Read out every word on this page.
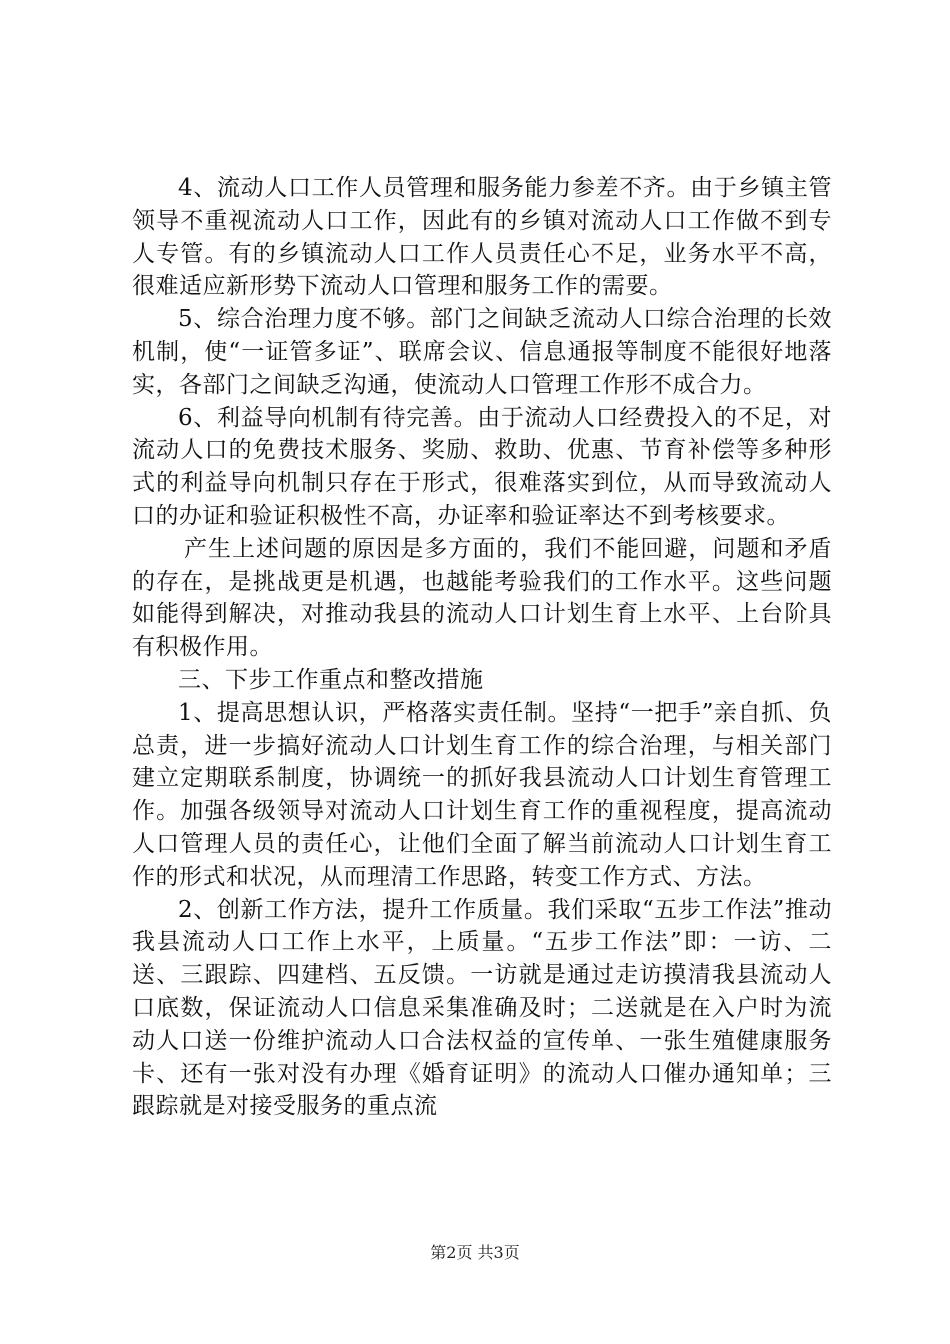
4、流动人口工作人员管理和服务能力参差不齐。由于乡镇主管领导不重视流动人口工作，因此有的乡镇对流动人口工作做不到专人专管。有的乡镇流动人口工作人员责任心不足，业务水平不高，很难适应新形势下流动人口管理和服务工作的需要。

5、综合治理力度不够。部门之间缺乏流动人口综合治理的长效机制，使“一证管多证”、联席会议、信息通报等制度不能很好地落实，各部门之间缺乏沟通，使流动人口管理工作形不成合力。

6、利益导向机制有待完善。由于流动人口经费投入的不足，对流动人口的免费技术服务、奖励、救助、优惠、节育补偿等多种形式的利益导向机制只存在于形式，很难落实到位，从而导致流动人口的办证和验证积极性不高，办证率和验证率达不到考核要求。

产生上述问题的原因是多方面的，我们不能回避，问题和矛盾的存在，是挑战更是机遇，也越能考验我们的工作水平。这些问题如能得到解决，对推动我县的流动人口计划生育上水平、上台阶具有积极作用。

三、下步工作重点和整改措施

1、提高思想认识，严格落实责任制。坚持“一把手”亲自抓、负总责，进一步搞好流动人口计划生育工作的综合治理，与相关部门建立定期联系制度，协调统一的抓好我县流动人口计划生育管理工作。加强各级领导对流动人口计划生育工作的重视程度，提高流动人口管理人员的责任心，让他们全面了解当前流动人口计划生育工作的形式和状况，从而理清工作思路，转变工作方式、方法。

2、创新工作方法，提升工作质量。我们采取“五步工作法”推动我县流动人口工作上水平，上质量。“五步工作法”即：一访、二送、三跟踪、四建档、五反馈。一访就是通过走访摸清我县流动人口底数，保证流动人口信息采集准确及时；二送就是在入户时为流动人口送一份维护流动人口合法权益的宣传单、一张生殖健康服务卡、还有一张对没有办理《婚育证明》的流动人口催办通知单；三跟踪就是对接受服务的重点流

第2页 共3页
